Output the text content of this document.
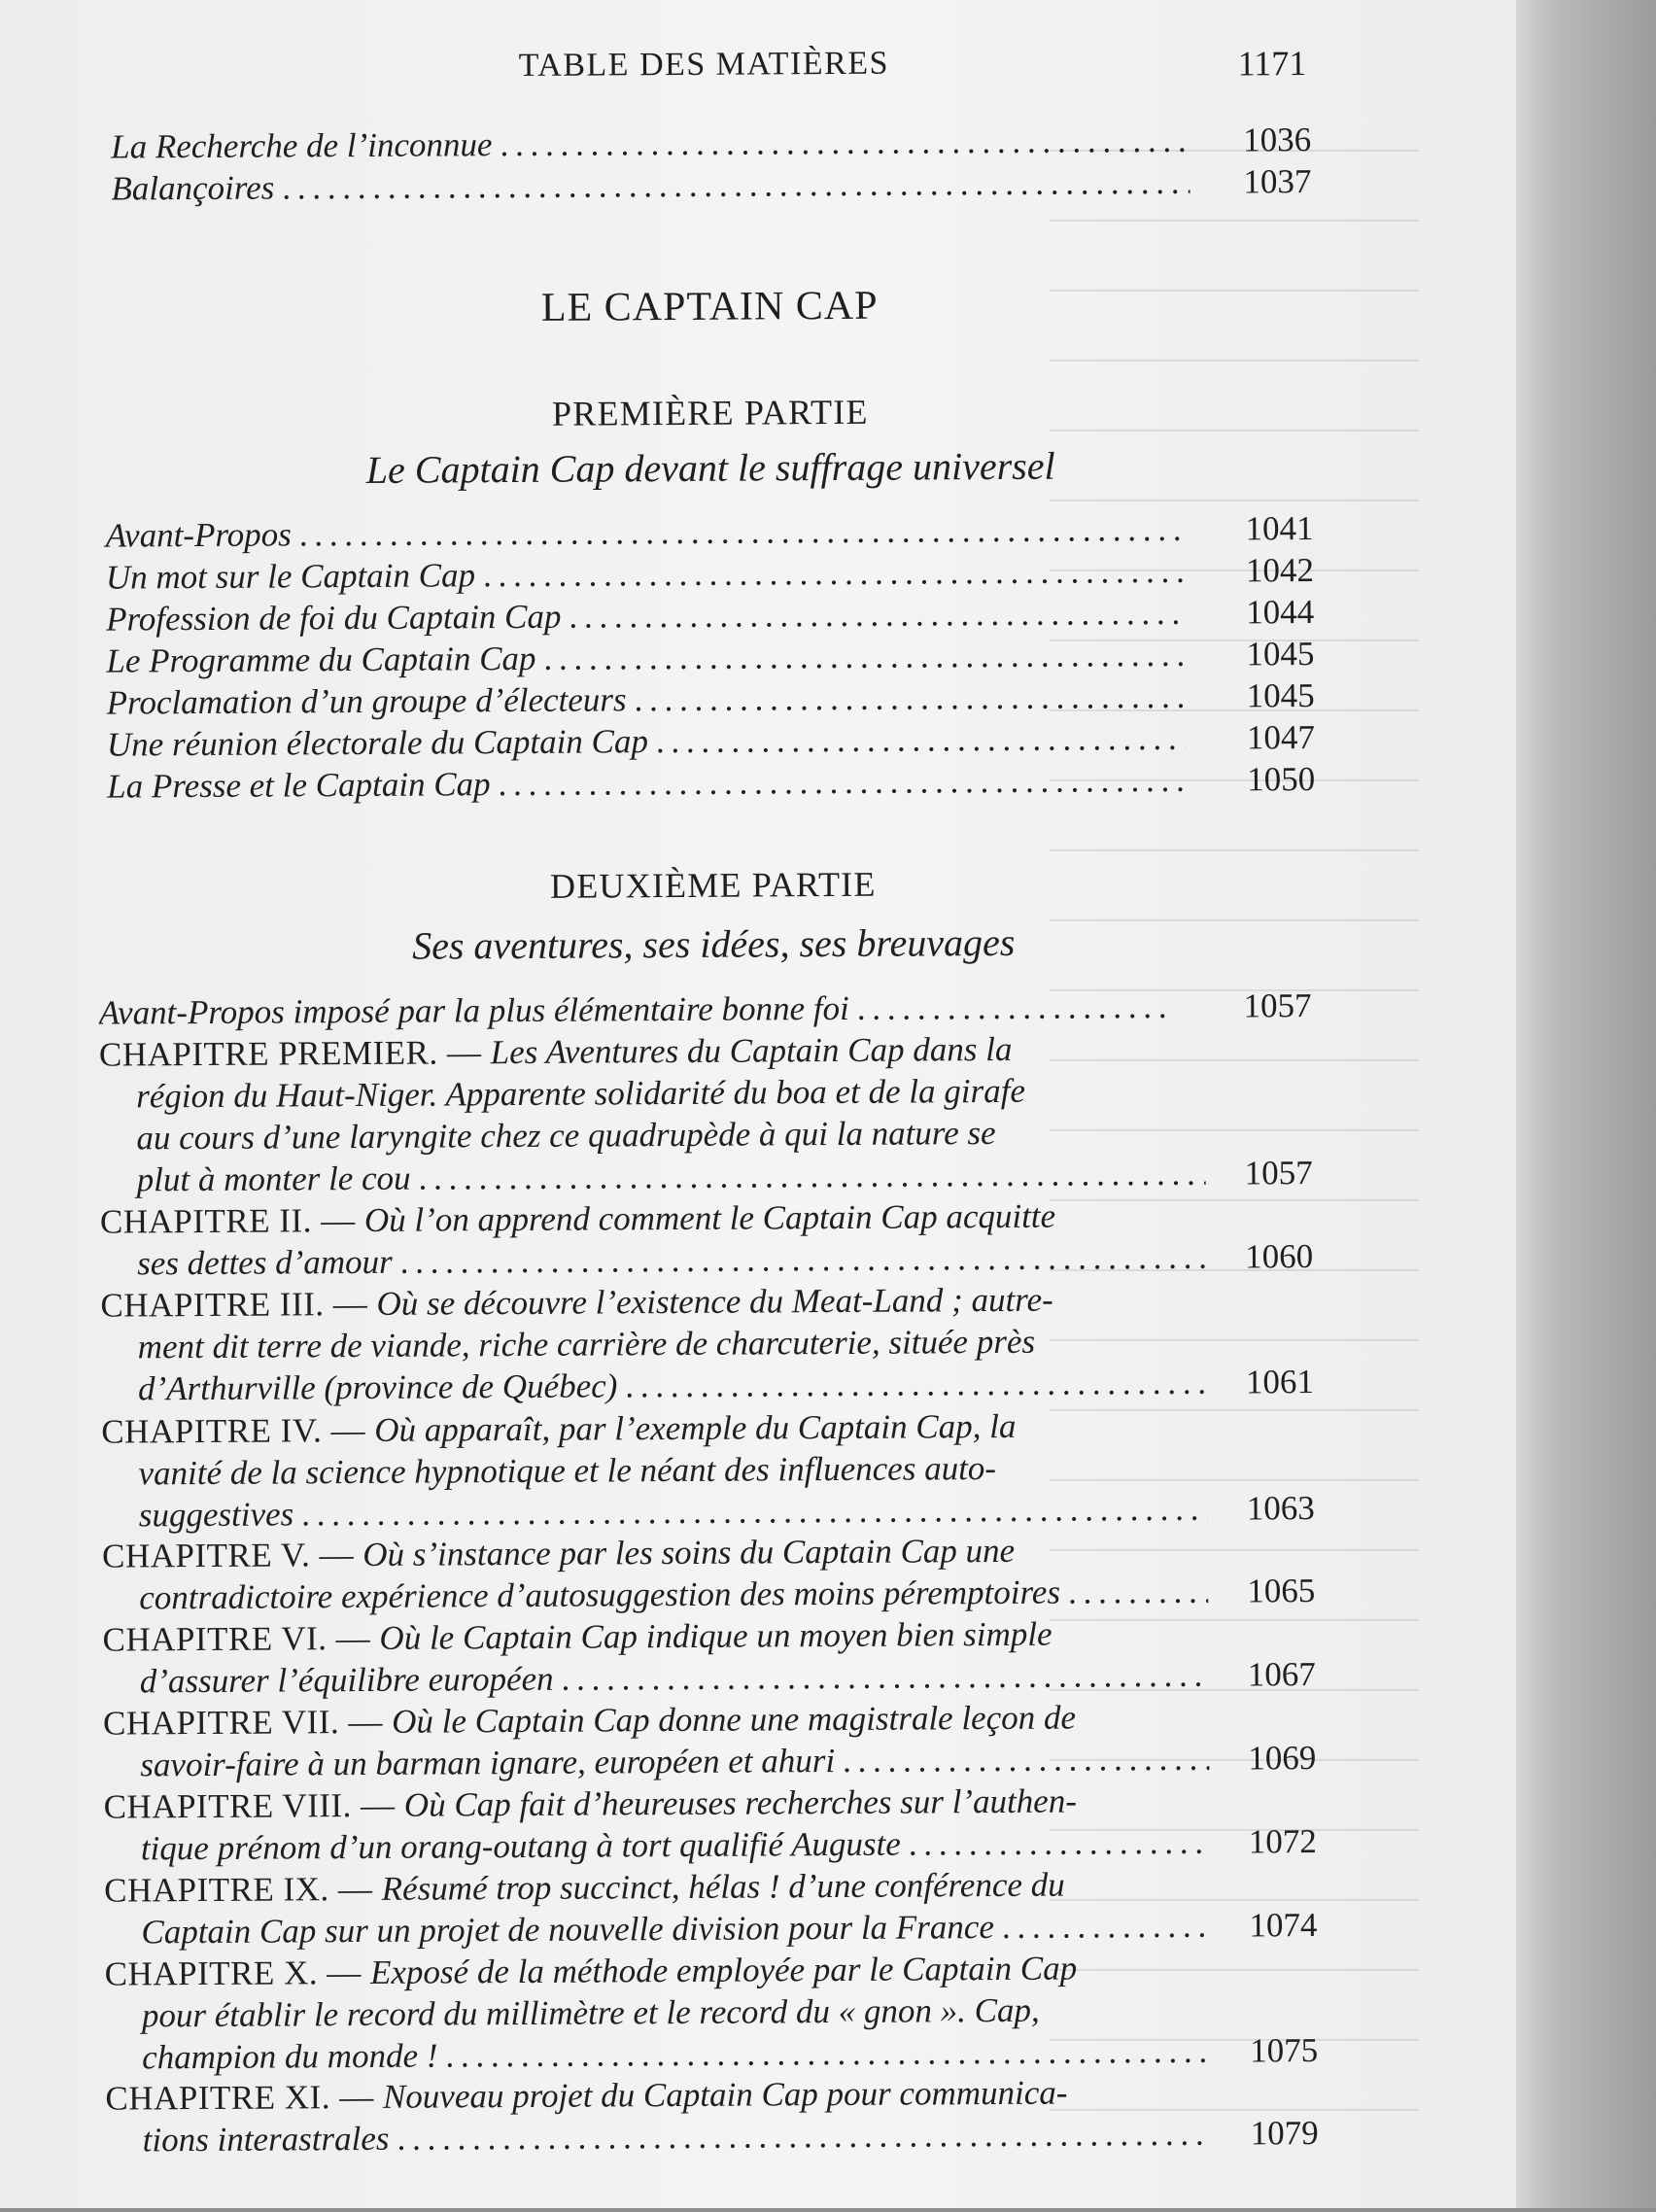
TABLE DES MATIÈRES	1171
La Recherche de l’inconnue . . .	1036
Balançoires . . .	1037
LE CAPTAIN CAP
PREMIÈRE PARTIE
Le Captain Cap devant le suffrage universel
Avant-Propos . . .	1041
Un mot sur le Captain Cap . . .	1042
Profession de foi du Captain Cap . . .	1044
Le Programme du Captain Cap . . .	1045
Proclamation d’un groupe d’électeurs . . .	1045
Une réunion électorale du Captain Cap . . .	1047
La Presse et le Captain Cap . . .	1050
DEUXIÈME PARTIE
Ses aventures, ses idées, ses breuvages
Avant-Propos imposé par la plus élémentaire bonne foi . . .	1057
CHAPITRE PREMIER. — Les Aventures du Captain Cap dans la
région du Haut-Niger. Apparente solidarité du boa et de la girafe
au cours d’une laryngite chez ce quadrupède à qui la nature se
plut à monter le cou . . .	1057
CHAPITRE II. — Où l’on apprend comment le Captain Cap acquitte
ses dettes d’amour . . .	1060
CHAPITRE III. — Où se découvre l’existence du Meat-Land ; autre-
ment dit terre de viande, riche carrière de charcuterie, située près
d’Arthurville (province de Québec) . . .	1061
CHAPITRE IV. — Où apparaît, par l’exemple du Captain Cap, la
vanité de la science hypnotique et le néant des influences auto-
suggestives . . .	1063
CHAPITRE V. — Où s’instance par les soins du Captain Cap une
contradictoire expérience d’autosuggestion des moins péremptoires . . .	1065
CHAPITRE VI. — Où le Captain Cap indique un moyen bien simple
d’assurer l’équilibre européen . . .	1067
CHAPITRE VII. — Où le Captain Cap donne une magistrale leçon de
savoir-faire à un barman ignare, européen et ahuri . . .	1069
CHAPITRE VIII. — Où Cap fait d’heureuses recherches sur l’authen-
tique prénom d’un orang-outang à tort qualifié Auguste . . .	1072
CHAPITRE IX. — Résumé trop succinct, hélas ! d’une conférence du
Captain Cap sur un projet de nouvelle division pour la France . . .	1074
CHAPITRE X. — Exposé de la méthode employée par le Captain Cap
pour établir le record du millimètre et le record du « gnon ». Cap,
champion du monde ! . . .	1075
CHAPITRE XI. — Nouveau projet du Captain Cap pour communica-
tions interastrales . . .	1079
